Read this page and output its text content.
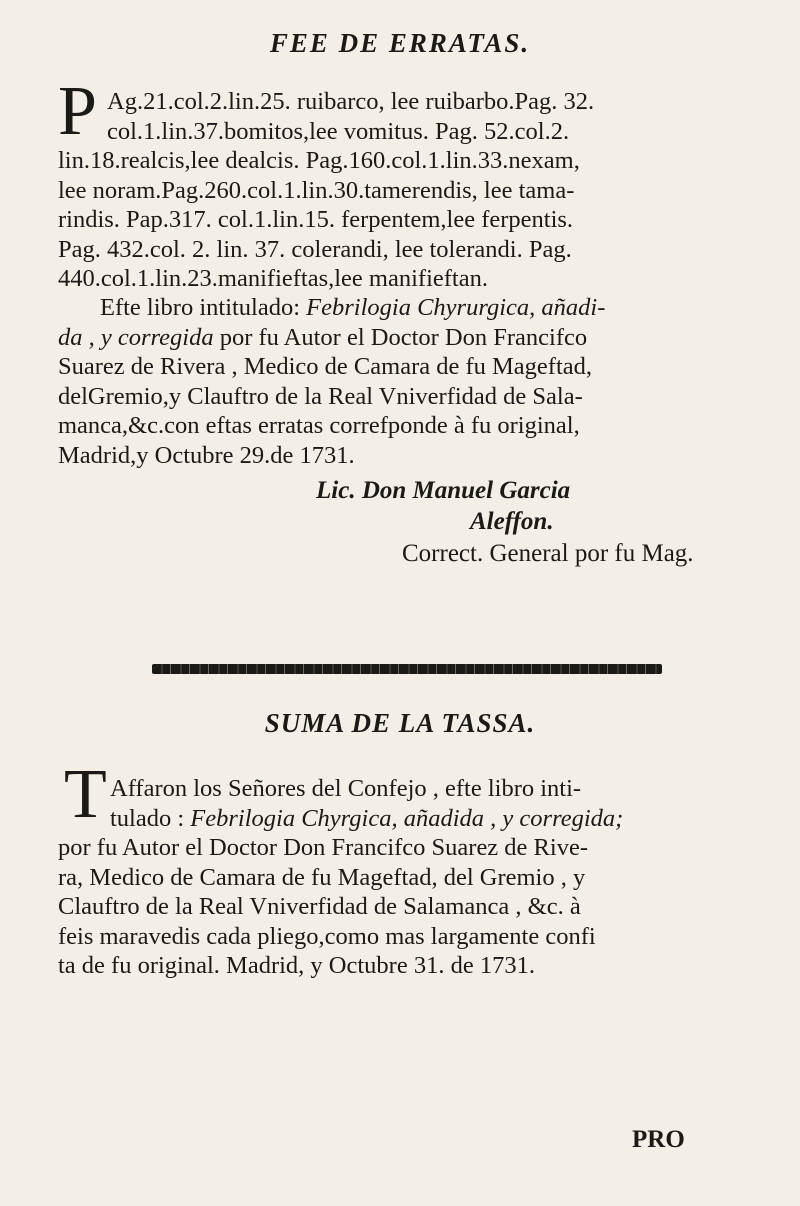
FEE DE ERRATAS.
P Ag.21.col.2.lin.25. ruibarco, lee ruibarbo.Pag. 32.
col.1.lin.37.bomitos,lee vomitus. Pag. 52.col.2.
lin.18.realcis,lee dealcis. Pag.160.col.1.lin.33.nexam,
lee noram.Pag.260.col.1.lin.30.tamerendis, lee tama-
rindis. Pap.317. col.1.lin.15. ferpentem,lee ferpentis.
Pag. 432.col. 2. lin. 37. colerandi, lee tolerandi. Pag.
440.col.1.lin.23.manifieftas,lee manifieftan.
Efte libro intitulado: Febrilogia Chyrurgica, añadi-
da , y corregida por fu Autor el Doctor Don Francifco
Suarez de Rivera , Medico de Camara de fu Mageftad,
delGremio,y Clauftro de la Real Vniverfidad de Sala-
manca,&c.con eftas erratas correfponde à fu original,
Madrid,y Octubre 29.de 1731.
Lic. Don Manuel Garcia
Aleffon.
Correct. General por fu Mag.
SUMA DE LA TASSA.
T Affaron los Señores del Confejo , efte libro inti-
tulado : Febrilogia Chyrgica, añadida , y corregida;
por fu Autor el Doctor Don Francifco Suarez de Rive-
ra, Medico de Camara de fu Mageftad, del Gremio , y
Clauftro de la Real Vniverfidad de Salamanca , &c. à
feis maravedis cada pliego,como mas largamente confi
ta de fu original. Madrid, y Octubre 31. de 1731.
PRO
